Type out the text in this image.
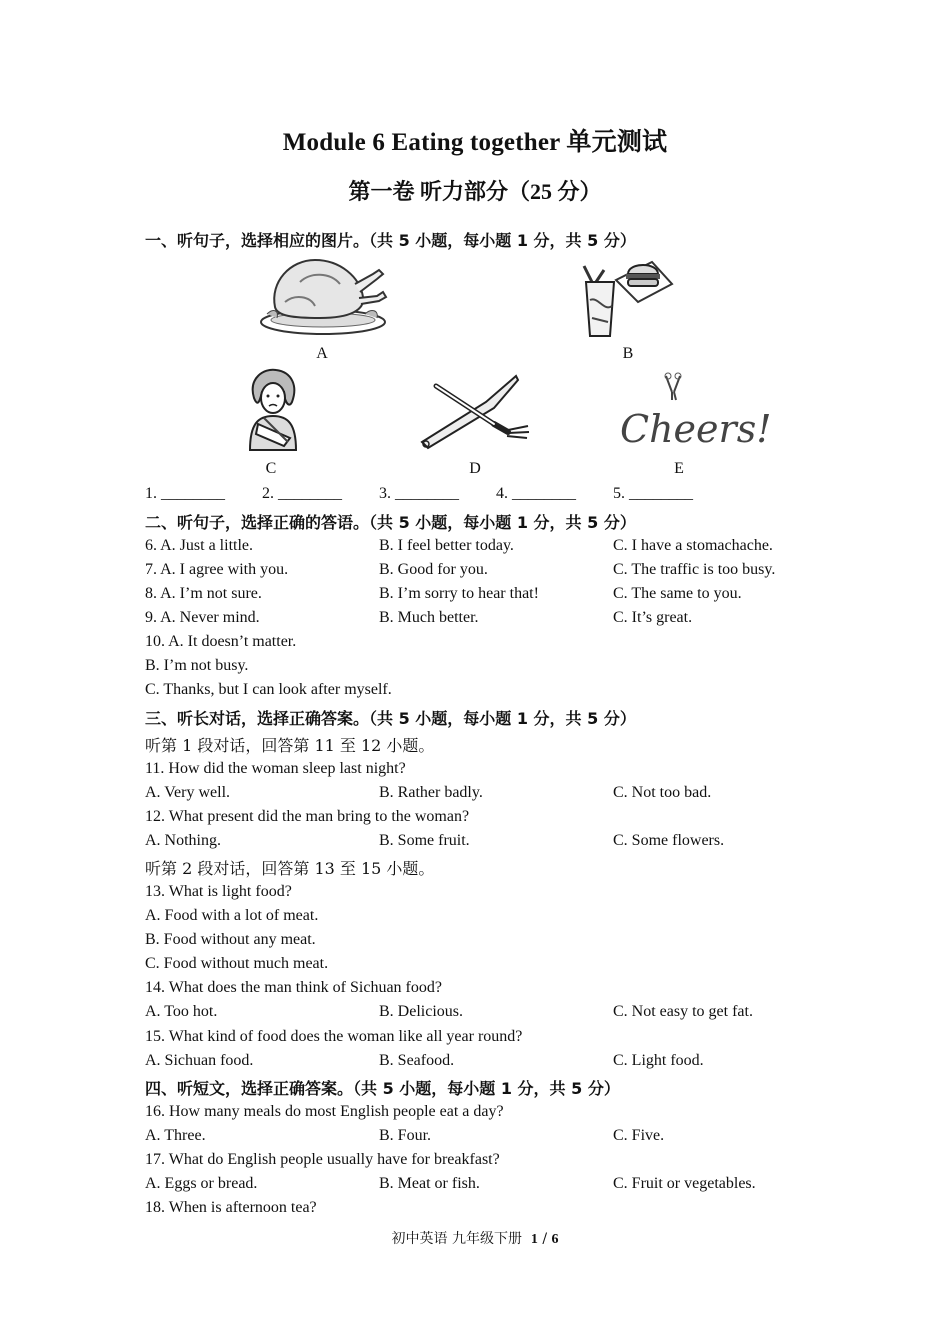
Module 6 Eating together 单元测试
第一卷 听力部分（25 分）
一、听句子，选择相应的图片。（共 5 小题，每小题 1 分，共 5 分）
A	B
C	D
Cheers!
E
1. ________ 2. ________ 3. ________ 4. ________ 5. ________
二、听句子，选择正确的答语。（共 5 小题，每小题 1 分，共 5 分）
6. A. Just a little.	B. I feel better today.	C. I have a stomachache.
7. A. I agree with you.	B. Good for you.	C. The traffic is too busy.
8. A. I’m not sure.	B. I’m sorry to hear that!	C. The same to you.
9. A. Never mind.	B. Much better.	C. It’s great.
10. A. It doesn’t matter.
B. I’m not busy.
C. Thanks, but I can look after myself.
三、听长对话，选择正确答案。（共 5 小题，每小题 1 分，共 5 分）
听第 1 段对话，回答第 11 至 12 小题。
11. How did the woman sleep last night?
A. Very well.	B. Rather badly.	C. Not too bad.
12. What present did the man bring to the woman?
A. Nothing.	B. Some fruit.	C. Some flowers.
听第 2 段对话，回答第 13 至 15 小题。
13. What is light food?
A. Food with a lot of meat.
B. Food without any meat.
C. Food without much meat.
14. What does the man think of Sichuan food?
A. Too hot.	B. Delicious.	C. Not easy to get fat.
15. What kind of food does the woman like all year round?
A. Sichuan food.	B. Seafood.	C. Light food.
四、听短文，选择正确答案。（共 5 小题，每小题 1 分，共 5 分）
16. How many meals do most English people eat a day?
A. Three.	B. Four.	C. Five.
17. What do English people usually have for breakfast?
A. Eggs or bread.	B. Meat or fish.	C. Fruit or vegetables.
18. When is afternoon tea?
初中英语 九年级下册 1 / 6
